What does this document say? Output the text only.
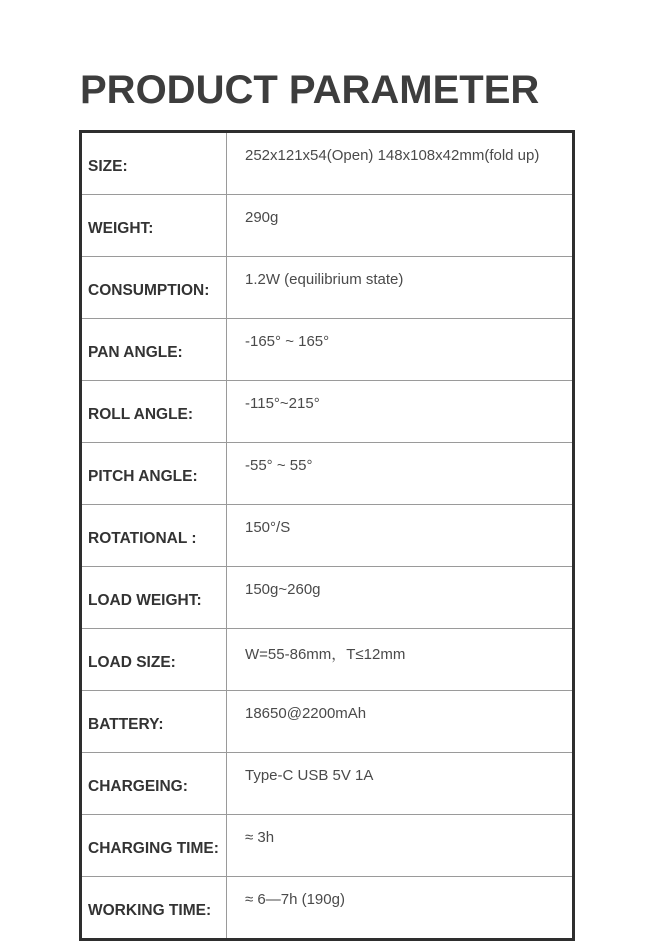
PRODUCT PARAMETER
SIZE:	252x121x54(Open) 148x108x42mm(fold up)
WEIGHT:	290g
CONSUMPTION:	1.2W (equilibrium state)
PAN ANGLE:	-165° ~ 165°
ROLL ANGLE:	-115°~215°
PITCH ANGLE:	-55° ~ 55°
ROTATIONAL :	150°/S
LOAD WEIGHT:	150g~260g
LOAD SIZE:	W=55-86mm，T≤12mm
BATTERY:	18650@2200mAh
CHARGEING:	Type-C USB 5V 1A
CHARGING TIME:	≈ 3h
WORKING TIME:	≈ 6—7h (190g)
